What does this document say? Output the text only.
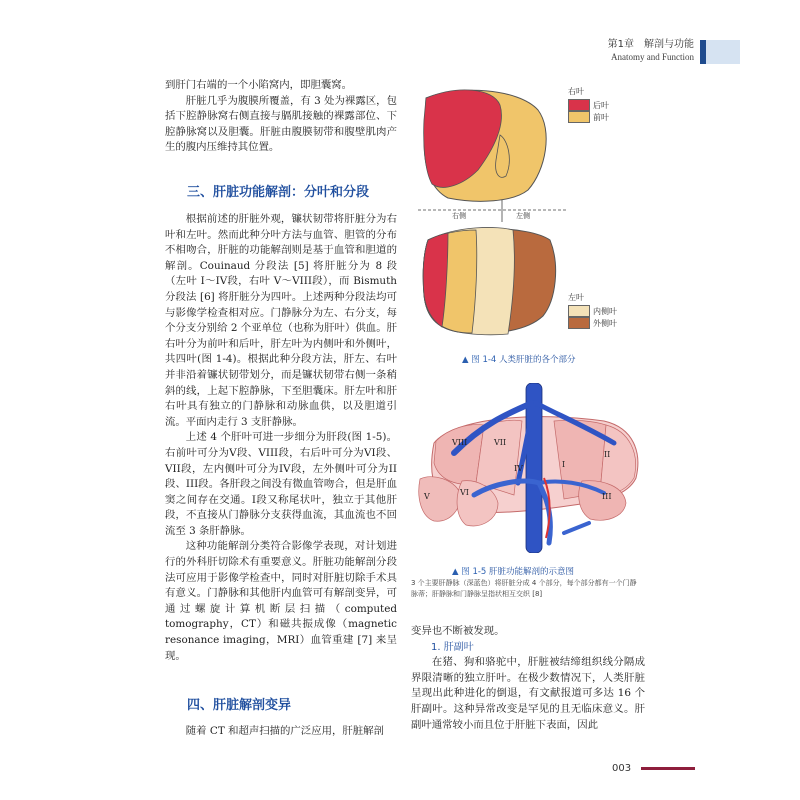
第1章　解剖与功能
Anatomy and Function

到肝门右端的一个小陷窝内，即胆囊窝。

肝脏几乎为腹膜所覆盖，有 3 处为裸露区，包括下腔静脉窝右侧直接与膈肌接触的裸露部位、下腔静脉窝以及胆囊。肝脏由腹膜韧带和腹壁肌肉产生的腹内压维持其位置。

三、肝脏功能解剖：分叶和分段

根据前述的肝脏外观，镰状韧带将肝脏分为右叶和左叶。然而此种分叶方法与血管、胆管的分布不相吻合，肝脏的功能解剖则是基于血管和胆道的解剖。Couinaud 分段法 [5] 将肝脏分为 8 段（左叶 I～IV段，右叶 V～VIII段），而 Bismuth 分段法 [6] 将肝脏分为四叶。上述两种分段法均可与影像学检查相对应。门静脉分为左、右分支，每个分支分别给 2 个亚单位（也称为肝叶）供血。肝右叶分为前叶和后叶，肝左叶为内侧叶和外侧叶，共四叶(图 1-4)。根据此种分段方法，肝左、右叶并非沿着镰状韧带划分，而是镰状韧带右侧一条稍斜的线，上起下腔静脉，下至胆囊床。肝左叶和肝右叶具有独立的门静脉和动脉血供，以及胆道引流。平面内走行 3 支肝静脉。

上述 4 个肝叶可进一步细分为肝段(图 1-5)。右前叶可分为V段、VIII段，右后叶可分为VI段、VII段，左内侧叶可分为IV段，左外侧叶可分为II段、III段。各肝段之间没有微血管吻合，但是肝血窦之间存在交通。I段又称尾状叶，独立于其他肝段，不直接从门静脉分支获得血流，其血流也不回流至 3 条肝静脉。

这种功能解剖分类符合影像学表现，对计划进行的外科肝切除术有重要意义。肝脏功能解剖分段法可应用于影像学检查中，同时对肝脏切除手术具有意义。门静脉和其他肝内血管可有解剖变异，可通过螺旋计算机断层扫描（computed tomography，CT）和磁共振成像（magnetic resonance imaging，MRI）血管重建 [7] 来呈现。

四、肝脏解剖变异

随着 CT 和超声扫描的广泛应用，肝脏解剖

右侧	左侧
右叶
后叶
前叶
左叶
内侧叶
外侧叶
▲ 图 1-4 人类肝脏的各个部分
VIII	VII
IV
VI
V
I
II
III
▲ 图 1-5 肝脏功能解剖的示意图
3 个主要肝静脉（深蓝色）将肝脏分成 4 个部分，每个部分都有一个门静脉蒂；肝静脉和门静脉呈指状相互交织 [8]

变异也不断被发现。

1. 肝副叶

在猪、狗和骆驼中，肝脏被结缔组织线分隔成界限清晰的独立肝叶。在极少数情况下，人类肝脏呈现出此种进化的倒退，有文献报道可多达 16 个肝副叶。这种异常改变是罕见的且无临床意义。肝副叶通常较小而且位于肝脏下表面，因此

003
